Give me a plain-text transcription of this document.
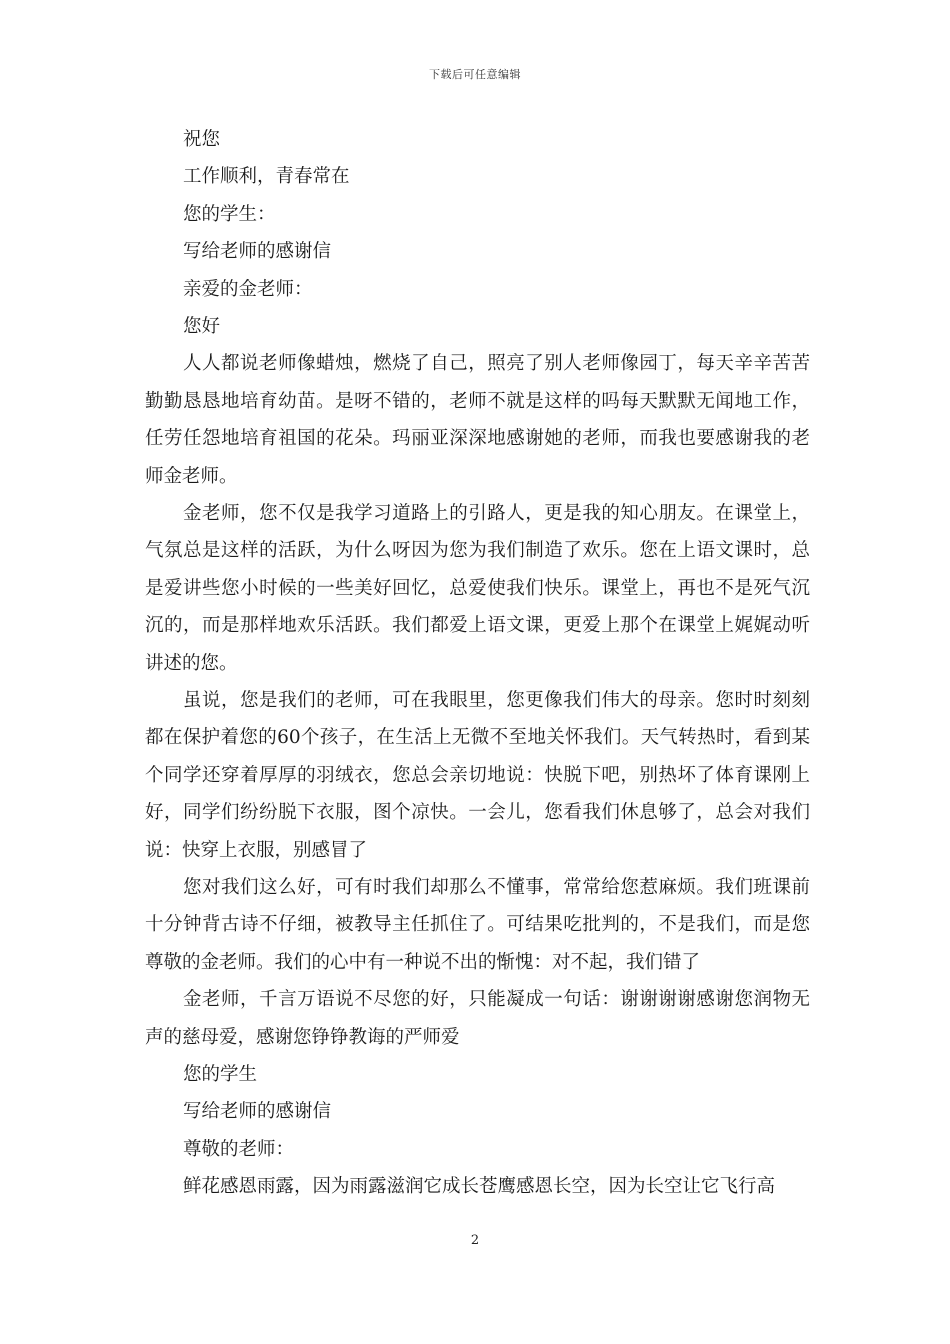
下载后可任意编辑
祝您
工作顺利，青春常在
您的学生：
写给老师的感谢信
亲爱的金老师：
您好

人人都说老师像蜡烛，燃烧了自己，照亮了别人老师像园丁，每天辛辛苦苦勤勤恳恳地培育幼苗。是呀不错的，老师不就是这样的吗每天默默无闻地工作，任劳任怨地培育祖国的花朵。玛丽亚深深地感谢她的老师，而我也要感谢我的老师金老师。

金老师，您不仅是我学习道路上的引路人，更是我的知心朋友。在课堂上，气氛总是这样的活跃，为什么呀因为您为我们制造了欢乐。您在上语文课时，总是爱讲些您小时候的一些美好回忆，总爱使我们快乐。课堂上，再也不是死气沉沉的，而是那样地欢乐活跃。我们都爱上语文课，更爱上那个在课堂上娓娓动听讲述的您。

虽说，您是我们的老师，可在我眼里，您更像我们伟大的母亲。您时时刻刻都在保护着您的60个孩子，在生活上无微不至地关怀我们。天气转热时，看到某个同学还穿着厚厚的羽绒衣，您总会亲切地说：快脱下吧，别热坏了体育课刚上好，同学们纷纷脱下衣服，图个凉快。一会儿，您看我们休息够了，总会对我们说：快穿上衣服，别感冒了

您对我们这么好，可有时我们却那么不懂事，常常给您惹麻烦。我们班课前十分钟背古诗不仔细，被教导主任抓住了。可结果吃批判的，不是我们，而是您尊敬的金老师。我们的心中有一种说不出的惭愧：对不起，我们错了

金老师，千言万语说不尽您的好，只能凝成一句话：谢谢谢谢感谢您润物无声的慈母爱，感谢您铮铮教诲的严师爱

您的学生
写给老师的感谢信
尊敬的老师：

鲜花感恩雨露，因为雨露滋润它成长苍鹰感恩长空，因为长空让它飞行高

2
